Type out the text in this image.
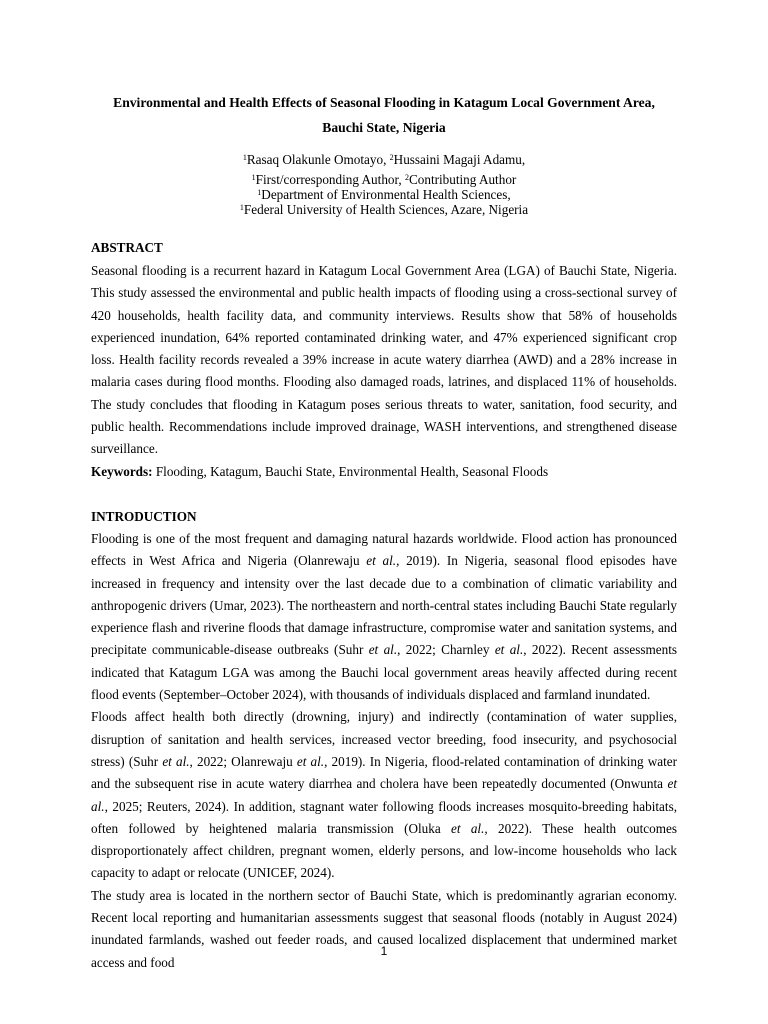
Environmental and Health Effects of Seasonal Flooding in Katagum Local Government Area,
Bauchi State, Nigeria
$^1$Rasaq Olakunle Omotayo, $^2$Hussaini Magaji Adamu,
$^1$First/corresponding Author, $^2$Contributing Author
$^1$Department of Environmental Health Sciences,
$^1$Federal University of Health Sciences, Azare, Nigeria
ABSTRACT

Seasonal flooding is a recurrent hazard in Katagum Local Government Area (LGA) of Bauchi State, Nigeria. This study assessed the environmental and public health impacts of flooding using a cross-sectional survey of 420 households, health facility data, and community interviews. Results show that 58% of households experienced inundation, 64% reported contaminated drinking water, and 47% experienced significant crop loss. Health facility records revealed a 39% increase in acute watery diarrhea (AWD) and a 28% increase in malaria cases during flood months. Flooding also damaged roads, latrines, and displaced 11% of households. The study concludes that flooding in Katagum poses serious threats to water, sanitation, food security, and public health. Recommendations include improved drainage, WASH interventions, and strengthened disease surveillance.

Keywords: Flooding, Katagum, Bauchi State, Environmental Health, Seasonal Floods
INTRODUCTION

Flooding is one of the most frequent and damaging natural hazards worldwide. Flood action has pronounced effects in West Africa and Nigeria (Olanrewaju et al., 2019). In Nigeria, seasonal flood episodes have increased in frequency and intensity over the last decade due to a combination of climatic variability and anthropogenic drivers (Umar, 2023). The northeastern and north-central states including Bauchi State regularly experience flash and riverine floods that damage infrastructure, compromise water and sanitation systems, and precipitate communicable-disease outbreaks (Suhr et al., 2022; Charnley et al., 2022). Recent assessments indicated that Katagum LGA was among the Bauchi local government areas heavily affected during recent flood events (September–October 2024), with thousands of individuals displaced and farmland inundated.

Floods affect health both directly (drowning, injury) and indirectly (contamination of water supplies, disruption of sanitation and health services, increased vector breeding, food insecurity, and psychosocial stress) (Suhr et al., 2022; Olanrewaju et al., 2019). In Nigeria, flood-related contamination of drinking water and the subsequent rise in acute watery diarrhea and cholera have been repeatedly documented (Onwunta et al., 2025; Reuters, 2024). In addition, stagnant water following floods increases mosquito-breeding habitats, often followed by heightened malaria transmission (Oluka et al., 2022). These health outcomes disproportionately affect children, pregnant women, elderly persons, and low-income households who lack capacity to adapt or relocate (UNICEF, 2024).

The study area is located in the northern sector of Bauchi State, which is predominantly agrarian economy. Recent local reporting and humanitarian assessments suggest that seasonal floods (notably in August 2024) inundated farmlands, washed out feeder roads, and caused localized displacement that undermined market access and food

1
